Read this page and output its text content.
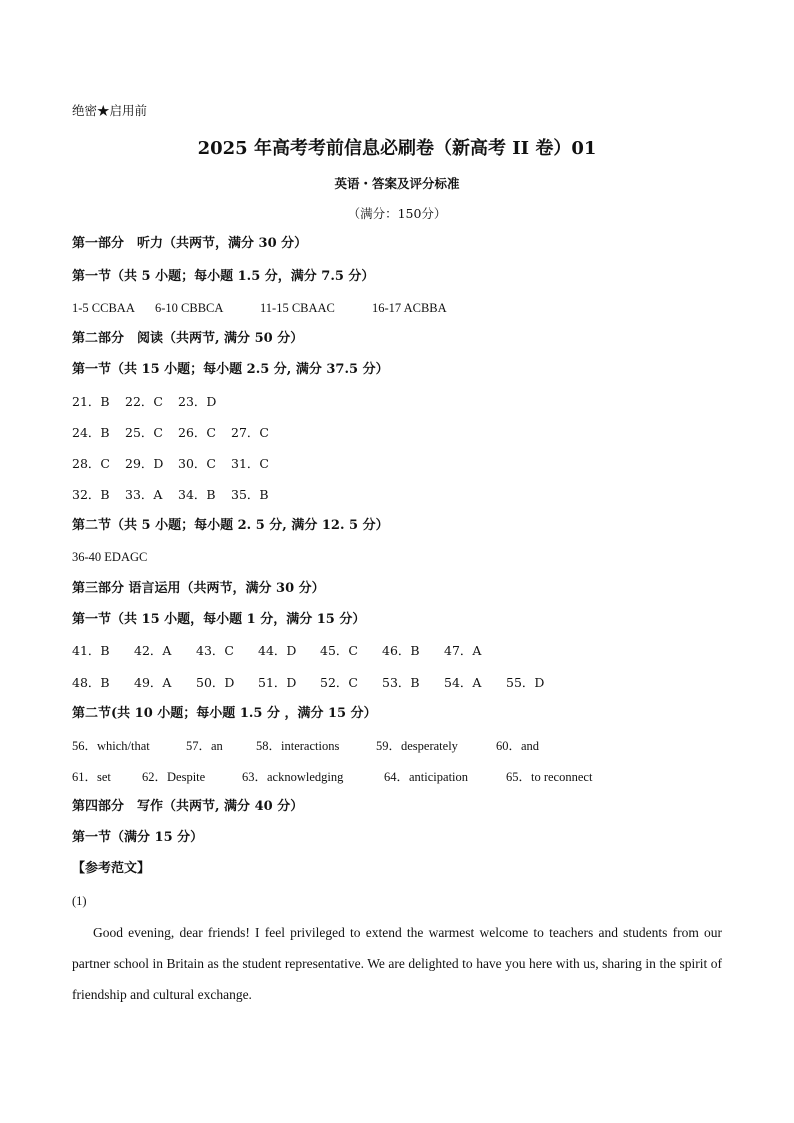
绝密★启用前
2025 年高考考前信息必刷卷（新高考 II 卷）01
英语・答案及评分标准
（满分：150分）
第一部分　听力（共两节，满分 30 分）
第一节（共 5 小题；每小题 1.5 分，满分 7.5 分）
1-5 CCBAA 6-10 CBBCA	11-15 CBAAC	16-17 ACBBA
第二部分　阅读（共两节, 满分 50 分）
第一节（共 15 小题；每小题 2.5 分, 满分 37.5 分）
21．B 22．C 23．D
24．B 25．C 26．C 27．C
28．C 29．D 30．C 31．C
32．B 33．A 34．B 35．B
第二节（共 5 小题；每小题 2. 5 分, 满分 12. 5 分）
36-40 EDAGC
第三部分 语言运用（共两节，满分 30 分）
第一节（共 15 小题，每小题 1 分，满分 15 分）
41．B 42．A 43．C 44．D 45．C 46．B 47．A
48．B 49．A 50．D 51．D 52．C 53．B 54．A 55．D
第二节(共 10 小题；每小题 1.5 分 ，满分 15 分）
56．which/that	57．an	58．interactions	59．desperately	60．and
61．set 62．Despite	63．acknowledging	64．anticipation	65．to reconnect
第四部分　写作（共两节, 满分 40 分）
第一节（满分 15 分）
【参考范文】
(1)
Good evening, dear friends! I feel privileged to extend the warmest welcome to teachers and students from our partner school in Britain as the student representative. We are delighted to have you here with us, sharing in the spirit of friendship and cultural exchange.
